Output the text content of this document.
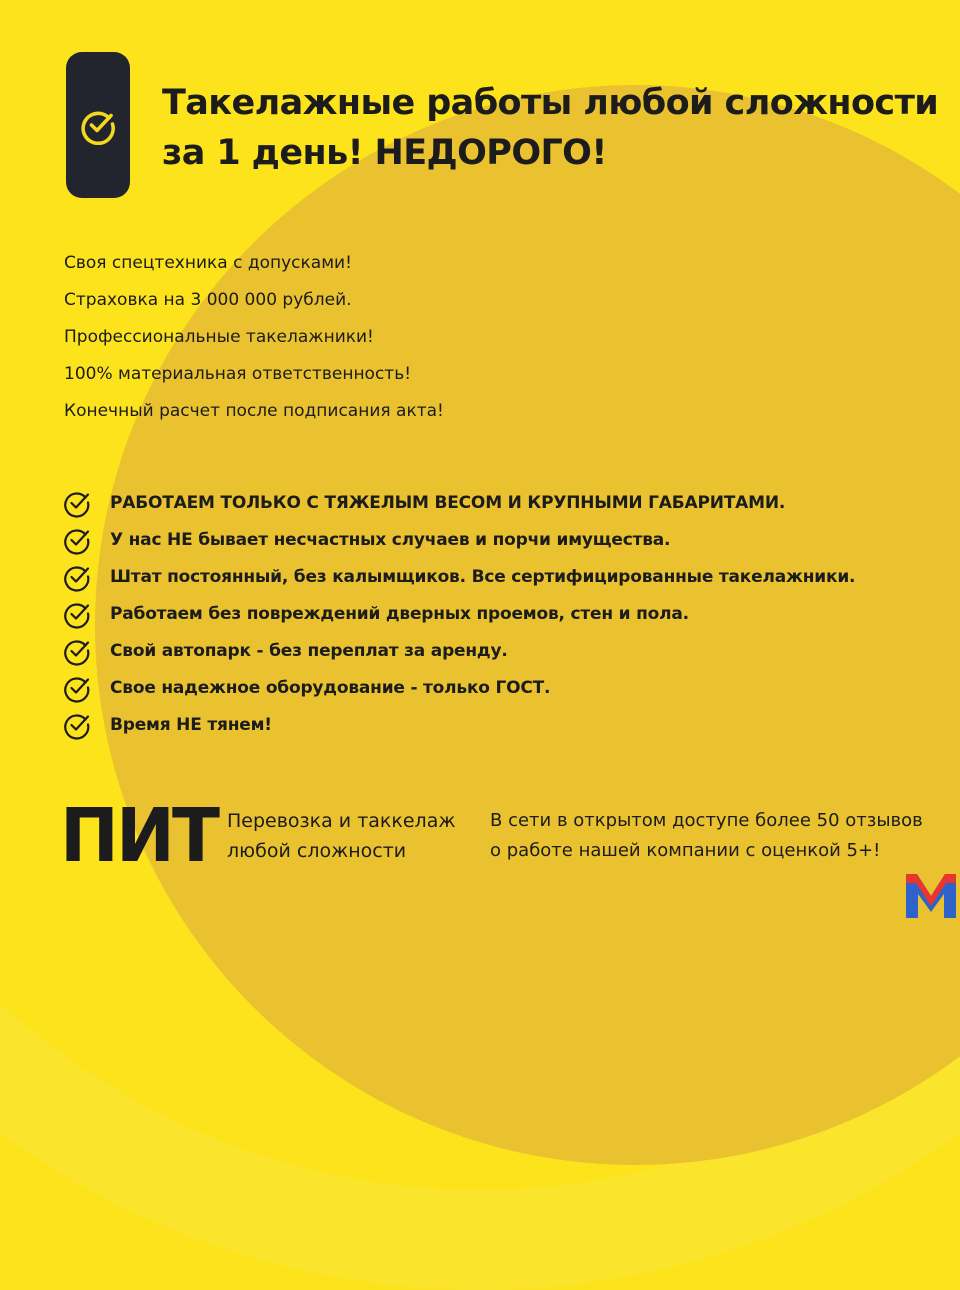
Такелажные работы любой сложности
за 1 день! НЕДОРОГО!
Своя спецтехника с допусками!
Страховка на 3 000 000 рублей.
Профессиональные такелажники!
100% материальная ответственность!
Конечный расчет после подписания акта!
РАБОТАЕМ ТОЛЬКО С ТЯЖЕЛЫМ ВЕСОМ И КРУПНЫМИ ГАБАРИТАМИ.
У нас НЕ бывает несчастных случаев и порчи имущества.
Штат постоянный, без калымщиков. Все сертифицированные такелажники.
Работаем без повреждений дверных проемов, стен и пола.
Свой автопарк - без переплат за аренду.
Свое надежное оборудование - только ГОСТ.
Время НЕ тянем!
ПИТ Перевозка и таккелаж
любой сложности
В сети в открытом доступе более 50 отзывов
о работе нашей компании с оценкой 5+!
